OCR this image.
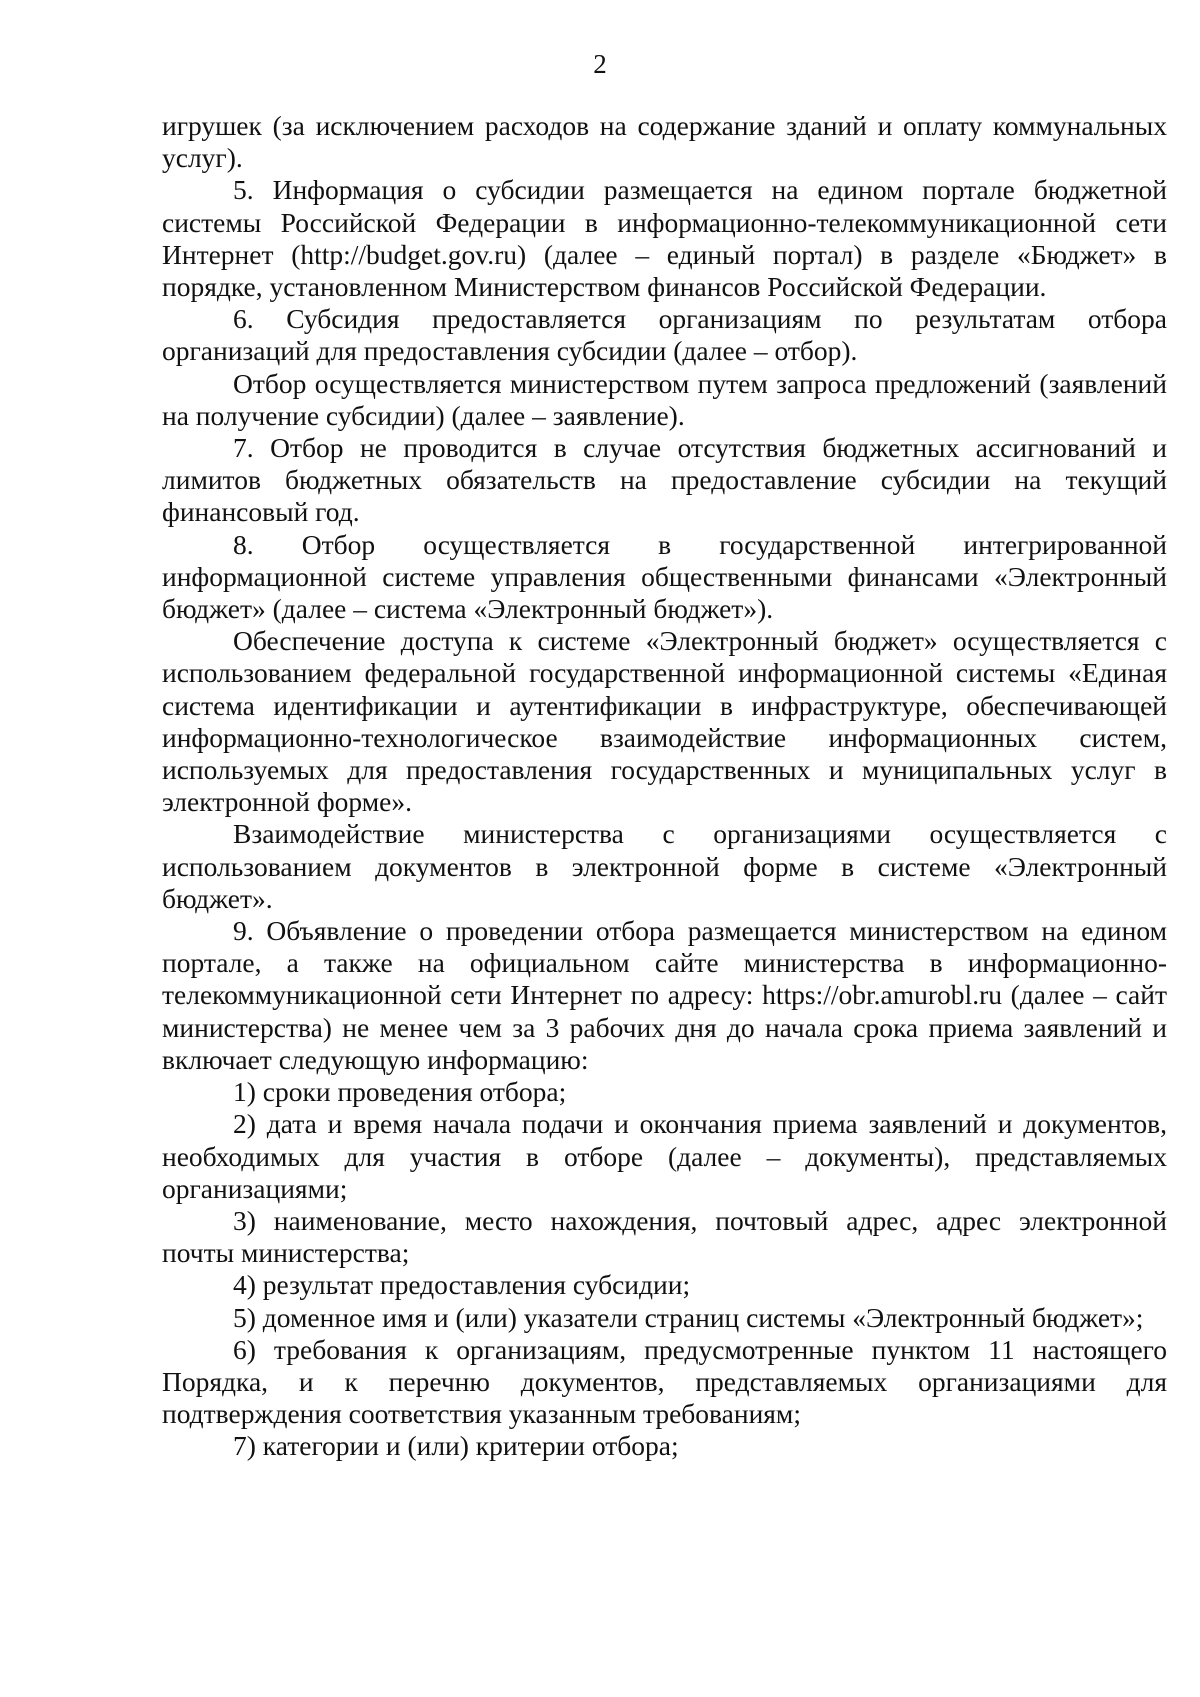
2

игрушек (за исключением расходов на содержание зданий и оплату коммунальных услуг).

5. Информация о субсидии размещается на едином портале бюджетной системы Российской Федерации в информационно-телекоммуникационной сети Интернет (http://budget.gov.ru) (далее – единый портал) в разделе «Бюджет» в порядке, установленном Министерством финансов Российской Федерации.

6. Субсидия предоставляется организациям по результатам отбора организаций для предоставления субсидии (далее – отбор).

Отбор осуществляется министерством путем запроса предложений (заявлений на получение субсидии) (далее – заявление).

7. Отбор не проводится в случае отсутствия бюджетных ассигнований и лимитов бюджетных обязательств на предоставление субсидии на текущий финансовый год.

8. Отбор осуществляется в государственной интегрированной информационной системе управления общественными финансами «Электронный бюджет» (далее – система «Электронный бюджет»).

Обеспечение доступа к системе «Электронный бюджет» осуществляется с использованием федеральной государственной информационной системы «Единая система идентификации и аутентификации в инфраструктуре, обеспечивающей информационно-технологическое взаимодействие информационных систем, используемых для предоставления государственных и муниципальных услуг в электронной форме».

Взаимодействие министерства с организациями осуществляется с использованием документов в электронной форме в системе «Электронный бюджет».

9. Объявление о проведении отбора размещается министерством на едином портале, а также на официальном сайте министерства в информационно-телекоммуникационной сети Интернет по адресу: https://obr.amurobl.ru (далее – сайт министерства) не менее чем за 3 рабочих дня до начала срока приема заявлений и включает следующую информацию:

1) сроки проведения отбора;

2) дата и время начала подачи и окончания приема заявлений и документов, необходимых для участия в отборе (далее – документы), представляемых организациями;

3) наименование, место нахождения, почтовый адрес, адрес электронной почты министерства;

4) результат предоставления субсидии;

5) доменное имя и (или) указатели страниц системы «Электронный бюджет»;

6) требования к организациям, предусмотренные пунктом 11 настоящего Порядка, и к перечню документов, представляемых организациями для подтверждения соответствия указанным требованиям;

7) категории и (или) критерии отбора;
